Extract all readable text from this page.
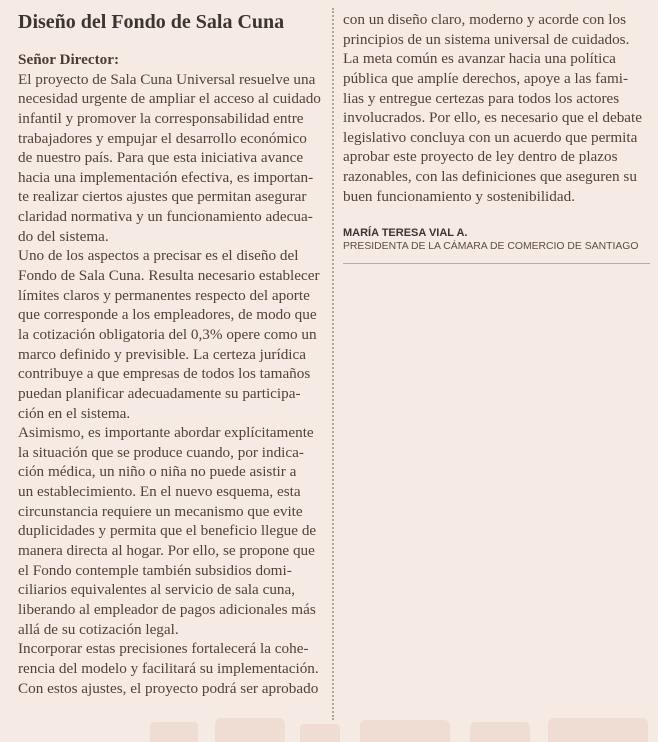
Diseño del Fondo de Sala Cuna
Señor Director:
El proyecto de Sala Cuna Universal resuelve una
necesidad urgente de ampliar el acceso al cuidado
infantil y promover la corresponsabilidad entre
trabajadores y empujar el desarrollo económico
de nuestro país. Para que esta iniciativa avance
hacia una implementación efectiva, es importan-
te realizar ciertos ajustes que permitan asegurar
claridad normativa y un funcionamiento adecua-
do del sistema.
Uno de los aspectos a precisar es el diseño del
Fondo de Sala Cuna. Resulta necesario establecer
límites claros y permanentes respecto del aporte
que corresponde a los empleadores, de modo que
la cotización obligatoria del 0,3% opere como un
marco definido y previsible. La certeza jurídica
contribuye a que empresas de todos los tamaños
puedan planificar adecuadamente su participa-
ción en el sistema.
Asimismo, es importante abordar explícitamente
la situación que se produce cuando, por indica-
ción médica, un niño o niña no puede asistir a
un establecimiento. En el nuevo esquema, esta
circunstancia requiere un mecanismo que evite
duplicidades y permita que el beneficio llegue de
manera directa al hogar. Por ello, se propone que
el Fondo contemple también subsidios domi-
ciliarios equivalentes al servicio de sala cuna,
liberando al empleador de pagos adicionales más
allá de su cotización legal.
Incorporar estas precisiones fortalecerá la cohe-
rencia del modelo y facilitará su implementación.
Con estos ajustes, el proyecto podrá ser aprobado
con un diseño claro, moderno y acorde con los
principios de un sistema universal de cuidados.
La meta común es avanzar hacia una política
pública que amplíe derechos, apoye a las fami-
lias y entregue certezas para todos los actores
involucrados. Por ello, es necesario que el debate
legislativo concluya con un acuerdo que permita
aprobar este proyecto de ley dentro de plazos
razonables, con las definiciones que aseguren su
buen funcionamiento y sostenibilidad.
MARÍA TERESA VIAL A.
PRESIDENTA DE LA CÁMARA DE COMERCIO DE SANTIAGO
